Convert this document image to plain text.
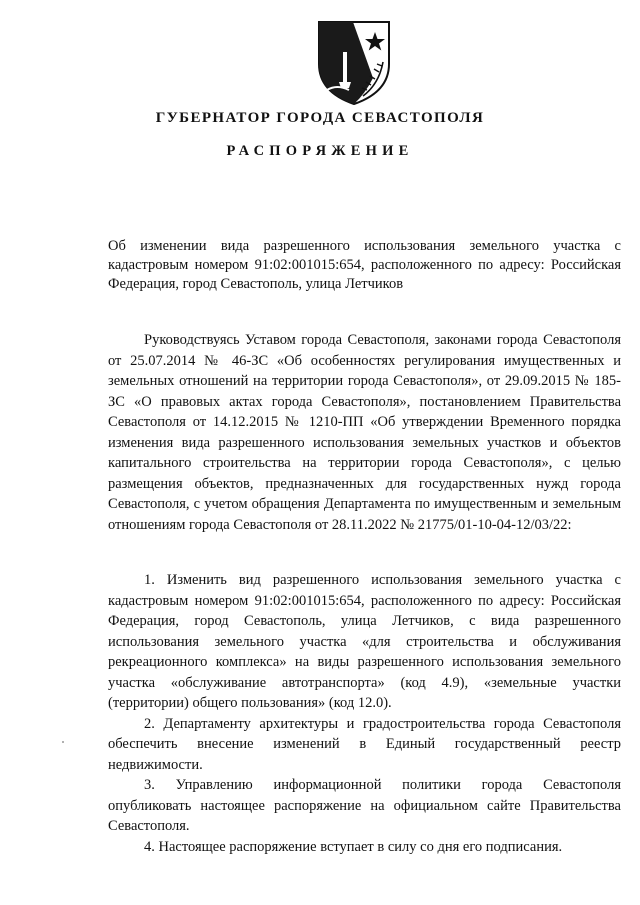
ГУБЕРНАТОР ГОРОДА СЕВАСТОПОЛЯ
РАСПОРЯЖЕНИЕ

Об изменении вида разрешенного использования земельного участка с кадастровым номером 91:02:001015:654, расположенного по адресу: Российская Федерация, город Севастополь, улица Летчиков

Руководствуясь Уставом города Севастополя, законами города Севастополя от 25.07.2014 № 46-ЗС «Об особенностях регулирования имущественных и земельных отношений на территории города Севастополя», от 29.09.2015 № 185-ЗС «О правовых актах города Севастополя», постановлением Правительства Севастополя от 14.12.2015 № 1210-ПП «Об утверждении Временного порядка изменения вида разрешенного использования земельных участков и объектов капитального строительства на территории города Севастополя», с целью размещения объектов, предназначенных для государственных нужд города Севастополя, с учетом обращения Департамента по имущественным и земельным отношениям города Севастополя от 28.11.2022 № 21775/01-10-04-12/03/22:

1. Изменить вид разрешенного использования земельного участка с кадастровым номером 91:02:001015:654, расположенного по адресу: Российская Федерация, город Севастополь, улица Летчиков, с вида разрешенного использования земельного участка «для строительства и обслуживания рекреационного комплекса» на виды разрешенного использования земельного участка «обслуживание автотранспорта» (код 4.9), «земельные участки (территории) общего пользования» (код 12.0).

2. Департаменту архитектуры и градостроительства города Севастополя обеспечить внесение изменений в Единый государственный реестр недвижимости.

3. Управлению информационной политики города Севастополя опубликовать настоящее распоряжение на официальном сайте Правительства Севастополя.

4. Настоящее распоряжение вступает в силу со дня его подписания.
